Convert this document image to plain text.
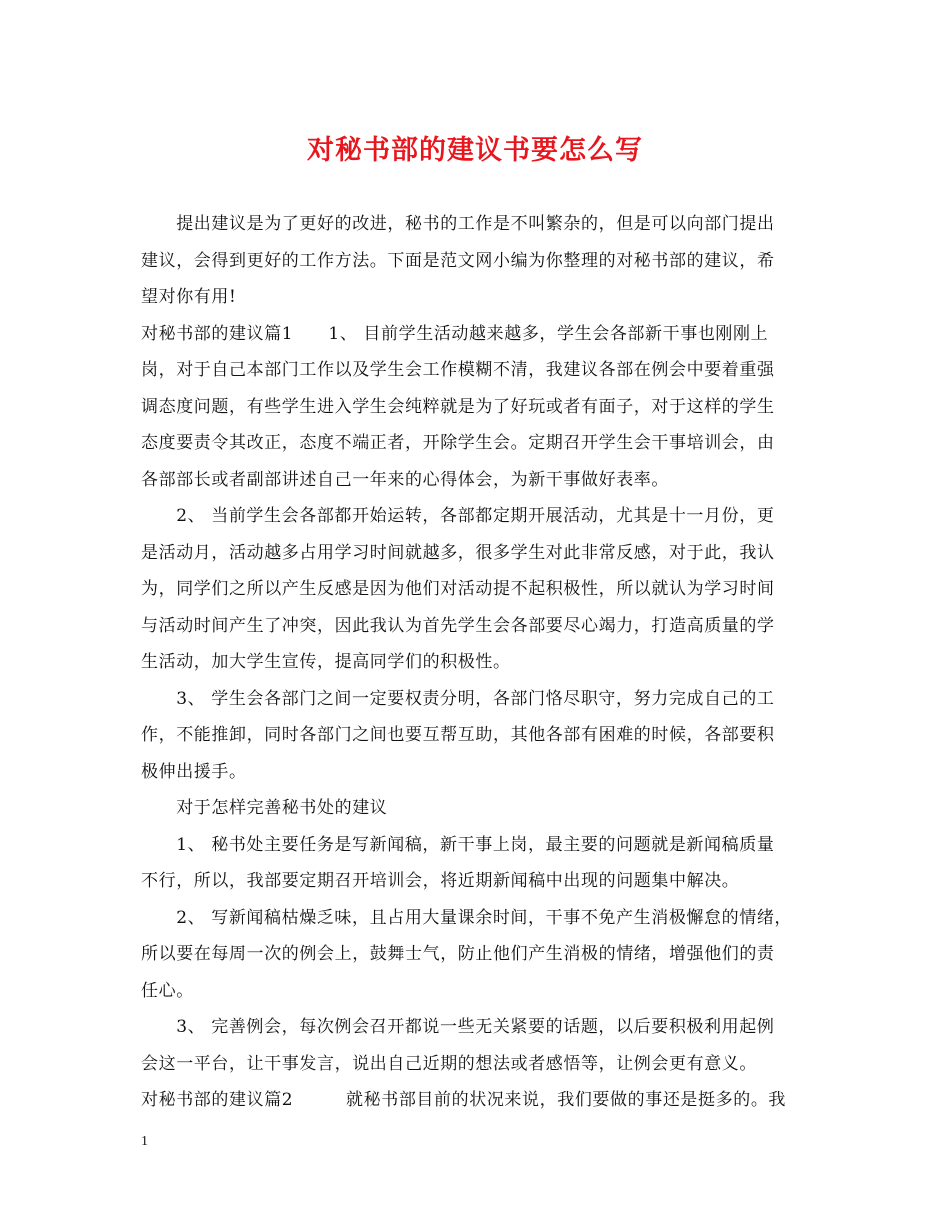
对秘书部的建议书要怎么写
　　提出建议是为了更好的改进，秘书的工作是不叫繁杂的，但是可以向部门提出
建议，会得到更好的工作方法。下面是范文网小编为你整理的对秘书部的建议，希
望对你有用!
对秘书部的建议篇1　　1、 目前学生活动越来越多，学生会各部新干事也刚刚上
岗，对于自己本部门工作以及学生会工作模糊不清，我建议各部在例会中要着重强
调态度问题，有些学生进入学生会纯粹就是为了好玩或者有面子，对于这样的学生
态度要责令其改正，态度不端正者，开除学生会。定期召开学生会干事培训会，由
各部部长或者副部讲述自己一年来的心得体会，为新干事做好表率。
　　2、 当前学生会各部都开始运转，各部都定期开展活动，尤其是十一月份，更
是活动月，活动越多占用学习时间就越多，很多学生对此非常反感，对于此，我认
为，同学们之所以产生反感是因为他们对活动提不起积极性，所以就认为学习时间
与活动时间产生了冲突，因此我认为首先学生会各部要尽心竭力，打造高质量的学
生活动，加大学生宣传，提高同学们的积极性。
　　3、 学生会各部门之间一定要权责分明，各部门恪尽职守，努力完成自己的工
作，不能推卸，同时各部门之间也要互帮互助，其他各部有困难的时候，各部要积
极伸出援手。
　　对于怎样完善秘书处的建议
　　1、 秘书处主要任务是写新闻稿，新干事上岗，最主要的问题就是新闻稿质量
不行，所以，我部要定期召开培训会，将近期新闻稿中出现的问题集中解决。
　　2、 写新闻稿枯燥乏味，且占用大量课余时间，干事不免产生消极懈怠的情绪，
所以要在每周一次的例会上，鼓舞士气，防止他们产生消极的情绪，增强他们的责
任心。
　　3、 完善例会，每次例会召开都说一些无关紧要的话题，以后要积极利用起例
会这一平台，让干事发言，说出自己近期的想法或者感悟等，让例会更有意义。
对秘书部的建议篇2　　　就秘书部目前的状况来说，我们要做的事还是挺多的。我
1
